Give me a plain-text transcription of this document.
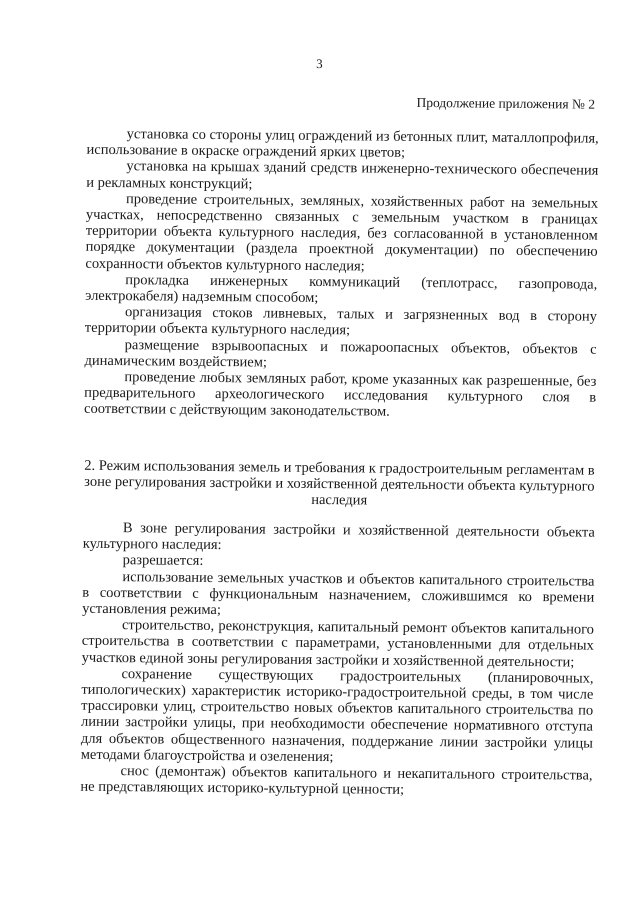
3
Продолжение приложения № 2

установка со стороны улиц ограждений из бетонных плит, маталлопрофиля, использование в окраске ограждений ярких цветов;

установка на крышах зданий средств инженерно-технического обеспечения и рекламных конструкций;

проведение строительных, земляных, хозяйственных работ на земельных участках, непосредственно связанных с земельным участком в границах территории объекта культурного наследия, без согласованной в установленном порядке документации (раздела проектной документации) по обеспечению сохранности объектов культурного наследия;

прокладка инженерных коммуникаций (теплотрасс, газопровода, электрокабеля) надземным способом;

организация стоков ливневых, талых и загрязненных вод в сторону территории объекта культурного наследия;

размещение взрывоопасных и пожароопасных объектов, объектов с динамическим воздействием;

проведение любых земляных работ, кроме указанных как разрешенные, без предварительного археологического исследования культурного слоя в соответствии с действующим законодательством.

2. Режим использования земель и требования к градостроительным регламентам в зоне регулирования застройки и хозяйственной деятельности объекта культурного наследия

В зоне регулирования застройки и хозяйственной деятельности объекта культурного наследия:

разрешается:

использование земельных участков и объектов капитального строительства в соответствии с функциональным назначением, сложившимся ко времени установления режима;

строительство, реконструкция, капитальный ремонт объектов капитального строительства в соответствии с параметрами, установленными для отдельных участков единой зоны регулирования застройки и хозяйственной деятельности;

сохранение существующих градостроительных (планировочных, типологических) характеристик историко-градостроительной среды, в том числе трассировки улиц, строительство новых объектов капитального строительства по линии застройки улицы, при необходимости обеспечение нормативного отступа для объектов общественного назначения, поддержание линии застройки улицы методами благоустройства и озеленения;

снос (демонтаж) объектов капитального и некапитального строительства, не представляющих историко-культурной ценности;
